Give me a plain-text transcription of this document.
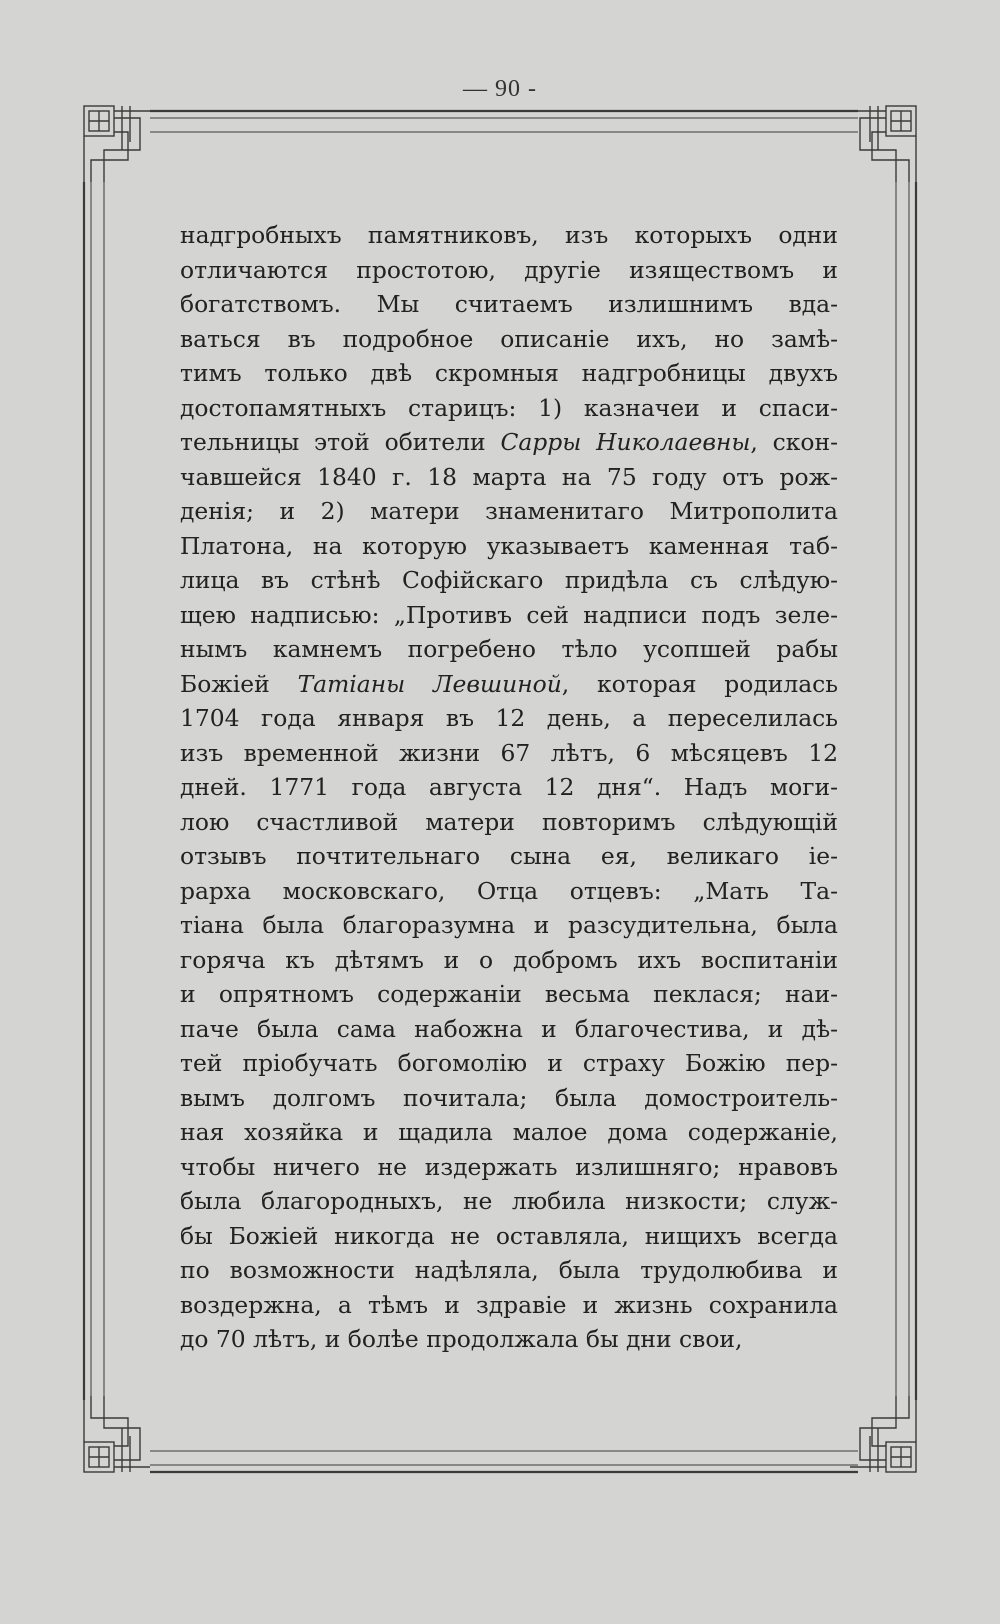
— 90 -
надгробныхъ памятниковъ, изъ которыхъ одни
отличаются простотою, другіе изяществомъ и
богатствомъ. Мы считаемъ излишнимъ вда-
ваться въ подробное описаніе ихъ, но замѣ-
тимъ только двѣ скромныя надгробницы двухъ
достопамятныхъ старицъ: 1) казначеи и спаси-
тельницы этой обители Сарры Николаевны, скон-
чавшейся 1840 г. 18 марта на 75 году отъ рож-
денія; и 2) матери знаменитаго Митрополита
Платона, на которую указываетъ каменная таб-
лица въ стѣнѣ Софійскаго придѣла съ слѣдую-
щею надписью: „Противъ сей надписи подъ зеле-
нымъ камнемъ погребено тѣло усопшей рабы
Божіей Татіаны Левшиной, которая родилась
1704 года января въ 12 день, а переселилась
изъ временной жизни 67 лѣтъ, 6 мѣсяцевъ 12
дней. 1771 года августа 12 дня“. Надъ моги-
лою счастливой матери повторимъ слѣдующій
отзывъ почтительнаго сына ея, великаго іе-
рарха московскаго, Отца отцевъ: „Мать Та-
тіана была благоразумна и разсудительна, была
горяча къ дѣтямъ и о добромъ ихъ воспитаніи
и опрятномъ содержаніи весьма пеклася; наи-
паче была сама набожна и благочестива, и дѣ-
тей пріобучать богомолію и страху Божію пер-
вымъ долгомъ почитала; была домостроитель-
ная хозяйка и щадила малое дома содержаніе,
чтобы ничего не издержать излишняго; нравовъ
была благородныхъ, не любила низкости; служ-
бы Божіей никогда не оставляла, нищихъ всегда
по возможности надѣляла, была трудолюбива и
воздержна, а тѣмъ и здравіе и жизнь сохранила
до 70 лѣтъ, и болѣе продолжала бы дни свои,
